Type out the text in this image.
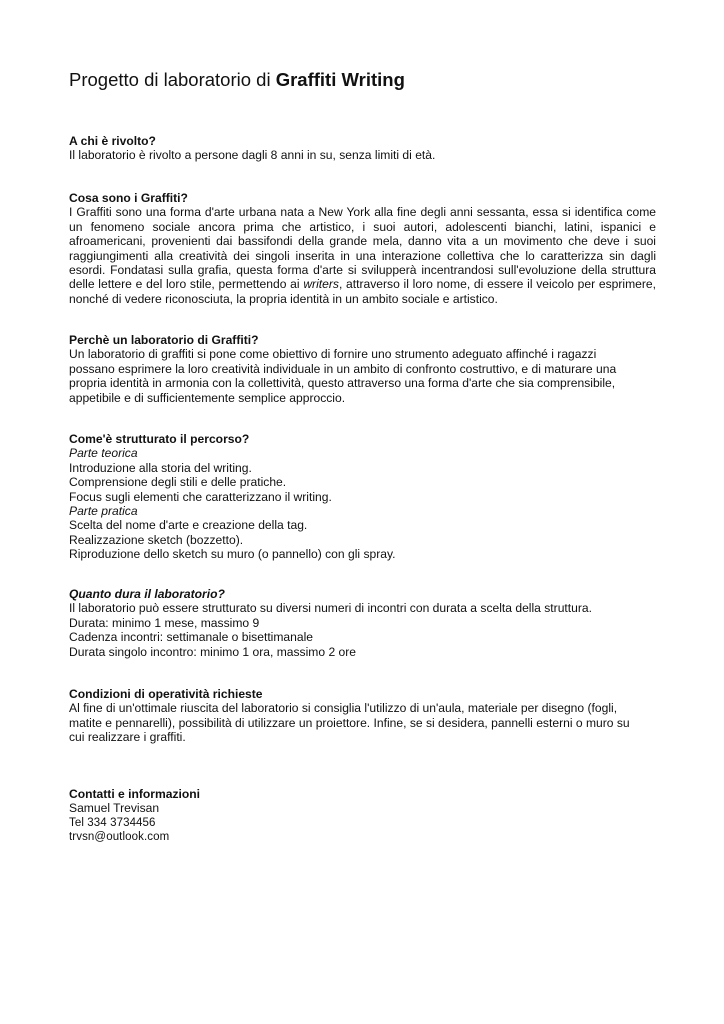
Progetto di laboratorio di Graffiti Writing
A chi è rivolto?

Il laboratorio è rivolto a persone dagli 8 anni in su, senza limiti di età.

Cosa sono i Graffiti?

I Graffiti sono una forma d'arte urbana nata a New York alla fine degli anni sessanta, essa si identifica come un fenomeno sociale ancora prima che artistico, i suoi autori, adolescenti bianchi, latini, ispanici e afroamericani, provenienti dai bassifondi della grande mela, danno vita a un movimento che deve i suoi raggiungimenti alla creatività dei singoli inserita in una interazione collettiva che lo caratterizza sin dagli esordi. Fondatasi sulla grafia, questa forma d'arte si svilupperà incentrandosi sull'evoluzione della struttura delle lettere e del loro stile, permettendo ai writers, attraverso il loro nome, di essere il veicolo per esprimere, nonché di vedere riconosciuta, la propria identità in un ambito sociale e artistico.

Perchè un laboratorio di Graffiti?

Un laboratorio di graffiti si pone come obiettivo di fornire uno strumento adeguato affinché i ragazzi

possano esprimere la loro creatività individuale in un ambito di confronto costruttivo, e di maturare una

propria identità in armonia con la collettività, questo attraverso una forma d'arte che sia comprensibile,

appetibile e di sufficientemente semplice approccio.

Come'è strutturato il percorso?

Parte teorica

Introduzione alla storia del writing.

Comprensione degli stili e delle pratiche.

Focus sugli elementi che caratterizzano il writing.

Parte pratica

Scelta del nome d'arte e creazione della tag.

Realizzazione sketch (bozzetto).

Riproduzione dello sketch su muro (o pannello) con gli spray.

Quanto dura il laboratorio?

Il laboratorio può essere strutturato su diversi numeri di incontri con durata a scelta della struttura.

Durata: minimo 1 mese, massimo 9

Cadenza incontri: settimanale o bisettimanale

Durata singolo incontro: minimo 1 ora, massimo 2 ore

Condizioni di operatività richieste

Al fine di un'ottimale riuscita del laboratorio si consiglia l'utilizzo di un'aula, materiale per disegno (fogli,

matite e pennarelli), possibilità di utilizzare un proiettore. Infine, se si desidera, pannelli esterni o muro su

cui realizzare i graffiti.

Contatti e informazioni

Samuel Trevisan

Tel 334 3734456

trvsn@outlook.com
